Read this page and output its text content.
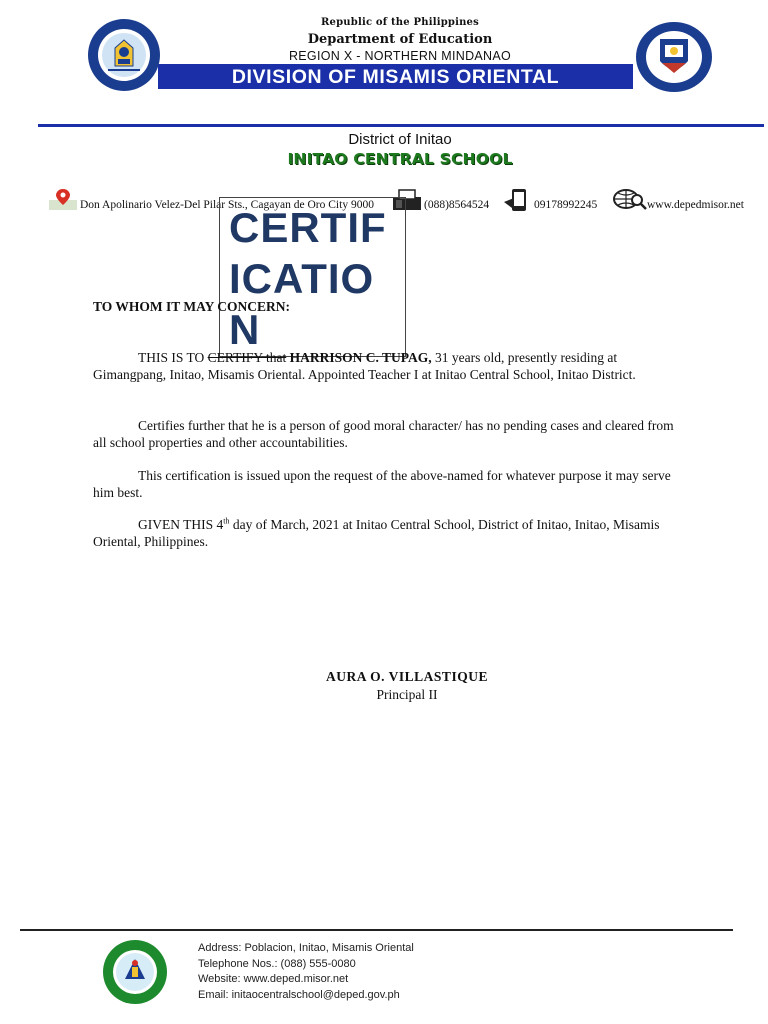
Republic of the Philippines
Department of Education
REGION X - NORTHERN MINDANAO
DIVISION OF MISAMIS ORIENTAL
Don Apolinario Velez-Del Pilar Sts., Cagayan de Oro City 9000	(088)8564524	09178992245	www.depedmisor.net
District of Initao
INITAO CENTRAL SCHOOL
CERTIFICATION
TO WHOM IT MAY CONCERN:
THIS IS TO CERTIFY that HARRISON C. TUPAG, 31 years old, presently residing at Gimangpang, Initao, Misamis Oriental. Appointed Teacher I at Initao Central School, Initao District.
Certifies further that he is a person of good moral character/ has no pending cases and cleared from all school properties and other accountabilities.
This certification is issued upon the request of the above-named for whatever purpose it may serve him best.
GIVEN THIS 4th day of March, 2021 at Initao Central School, District of Initao, Initao, Misamis Oriental, Philippines.
AURA O. VILLASTIQUE
Principal II
Address: Poblacion, Initao, Misamis Oriental
Telephone Nos.: (088) 555-0080
Website: www.deped.misor.net
Email: initaocentralschool@deped.gov.ph
